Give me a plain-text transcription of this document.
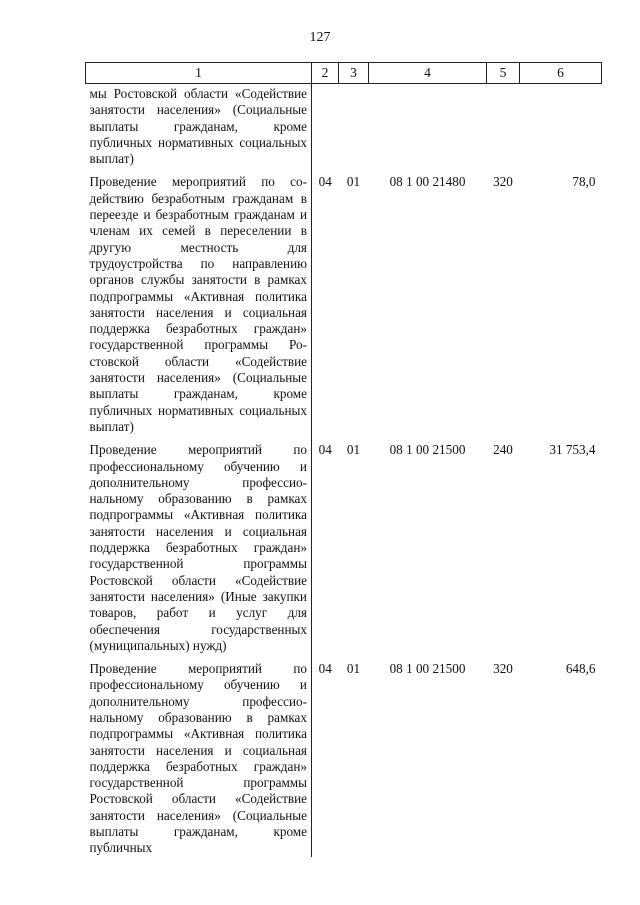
127
1	2	3	4	5	6
мы Ростовской области «Содействие занятости населения» (Социальные выплаты гражданам, кроме публичных нормативных социальных выплат)					
Проведение мероприятий по содействию безработным гражданам в переезде и безработным гражданам и членам их семей в переселении в другую местность для трудоустройства по направлению органов службы занятости в рамках подпрограммы «Активная политика занятости населения и социальная поддержка безработных граждан» государственной программы Ростовской области «Содействие занятости населения» (Социальные выплаты гражданам, кроме публичных нормативных социальных выплат)	04	01	08 1 00 21480	320	78,0
Проведение мероприятий по профессиональному обучению и дополнительному профессиональному образованию в рамках подпрограммы «Активная политика занятости населения и социальная поддержка безработных граждан» государственной программы Ростовской области «Содействие занятости населения» (Иные закупки товаров, работ и услуг для обеспечения государственных (муниципальных) нужд)	04	01	08 1 00 21500	240	31 753,4
Проведение мероприятий по профессиональному обучению и дополнительному профессиональному образованию в рамках подпрограммы «Активная политика занятости населения и социальная поддержка безработных граждан» государственной программы Ростовской области «Содействие занятости населения» (Социальные выплаты гражданам, кроме публичных	04	01	08 1 00 21500	320	648,6
